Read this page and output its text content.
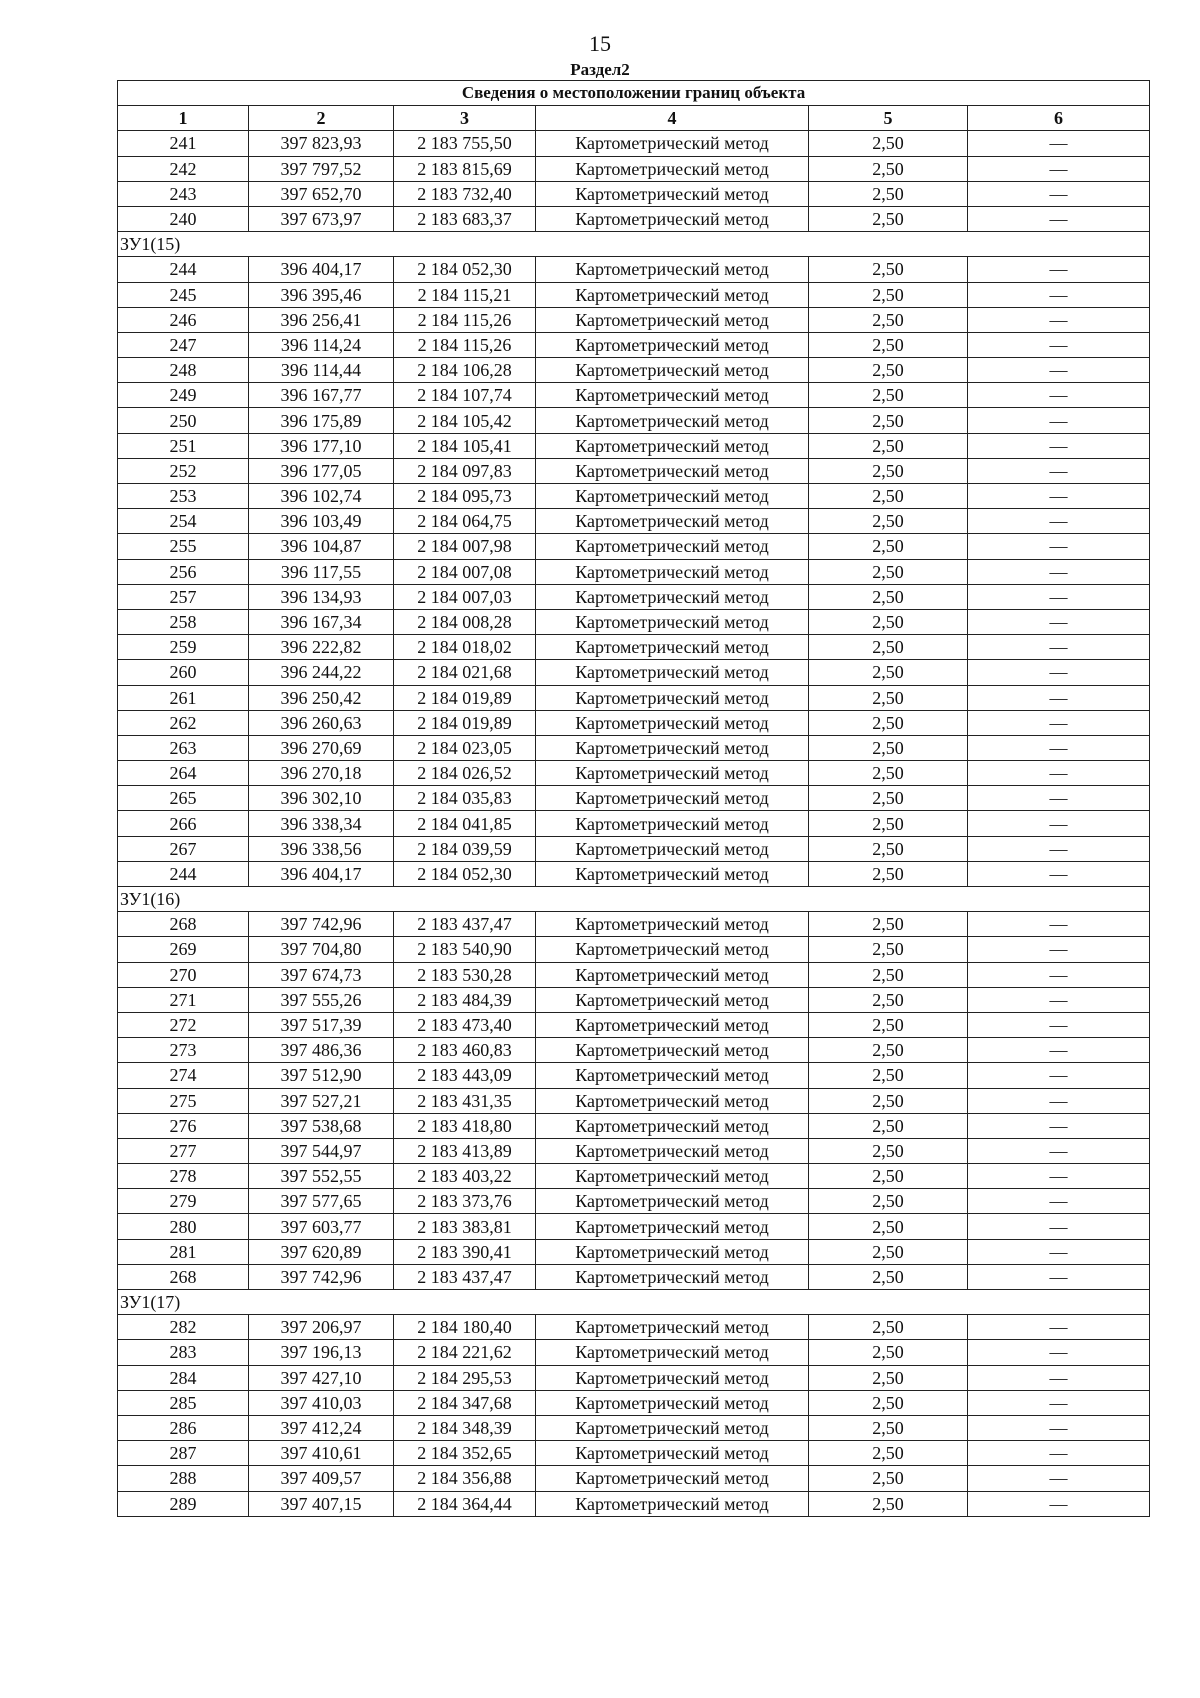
15
Раздел2
Сведения о местоположении границ объекта					
1	2	3	4	5	6
241	397 823,93	2 183 755,50	Картометрический метод	2,50	—
242	397 797,52	2 183 815,69	Картометрический метод	2,50	—
243	397 652,70	2 183 732,40	Картометрический метод	2,50	—
240	397 673,97	2 183 683,37	Картометрический метод	2,50	—
ЗУ1(15)					
244	396 404,17	2 184 052,30	Картометрический метод	2,50	—
245	396 395,46	2 184 115,21	Картометрический метод	2,50	—
246	396 256,41	2 184 115,26	Картометрический метод	2,50	—
247	396 114,24	2 184 115,26	Картометрический метод	2,50	—
248	396 114,44	2 184 106,28	Картометрический метод	2,50	—
249	396 167,77	2 184 107,74	Картометрический метод	2,50	—
250	396 175,89	2 184 105,42	Картометрический метод	2,50	—
251	396 177,10	2 184 105,41	Картометрический метод	2,50	—
252	396 177,05	2 184 097,83	Картометрический метод	2,50	—
253	396 102,74	2 184 095,73	Картометрический метод	2,50	—
254	396 103,49	2 184 064,75	Картометрический метод	2,50	—
255	396 104,87	2 184 007,98	Картометрический метод	2,50	—
256	396 117,55	2 184 007,08	Картометрический метод	2,50	—
257	396 134,93	2 184 007,03	Картометрический метод	2,50	—
258	396 167,34	2 184 008,28	Картометрический метод	2,50	—
259	396 222,82	2 184 018,02	Картометрический метод	2,50	—
260	396 244,22	2 184 021,68	Картометрический метод	2,50	—
261	396 250,42	2 184 019,89	Картометрический метод	2,50	—
262	396 260,63	2 184 019,89	Картометрический метод	2,50	—
263	396 270,69	2 184 023,05	Картометрический метод	2,50	—
264	396 270,18	2 184 026,52	Картометрический метод	2,50	—
265	396 302,10	2 184 035,83	Картометрический метод	2,50	—
266	396 338,34	2 184 041,85	Картометрический метод	2,50	—
267	396 338,56	2 184 039,59	Картометрический метод	2,50	—
244	396 404,17	2 184 052,30	Картометрический метод	2,50	—
ЗУ1(16)					
268	397 742,96	2 183 437,47	Картометрический метод	2,50	—
269	397 704,80	2 183 540,90	Картометрический метод	2,50	—
270	397 674,73	2 183 530,28	Картометрический метод	2,50	—
271	397 555,26	2 183 484,39	Картометрический метод	2,50	—
272	397 517,39	2 183 473,40	Картометрический метод	2,50	—
273	397 486,36	2 183 460,83	Картометрический метод	2,50	—
274	397 512,90	2 183 443,09	Картометрический метод	2,50	—
275	397 527,21	2 183 431,35	Картометрический метод	2,50	—
276	397 538,68	2 183 418,80	Картометрический метод	2,50	—
277	397 544,97	2 183 413,89	Картометрический метод	2,50	—
278	397 552,55	2 183 403,22	Картометрический метод	2,50	—
279	397 577,65	2 183 373,76	Картометрический метод	2,50	—
280	397 603,77	2 183 383,81	Картометрический метод	2,50	—
281	397 620,89	2 183 390,41	Картометрический метод	2,50	—
268	397 742,96	2 183 437,47	Картометрический метод	2,50	—
ЗУ1(17)					
282	397 206,97	2 184 180,40	Картометрический метод	2,50	—
283	397 196,13	2 184 221,62	Картометрический метод	2,50	—
284	397 427,10	2 184 295,53	Картометрический метод	2,50	—
285	397 410,03	2 184 347,68	Картометрический метод	2,50	—
286	397 412,24	2 184 348,39	Картометрический метод	2,50	—
287	397 410,61	2 184 352,65	Картометрический метод	2,50	—
288	397 409,57	2 184 356,88	Картометрический метод	2,50	—
289	397 407,15	2 184 364,44	Картометрический метод	2,50	—
